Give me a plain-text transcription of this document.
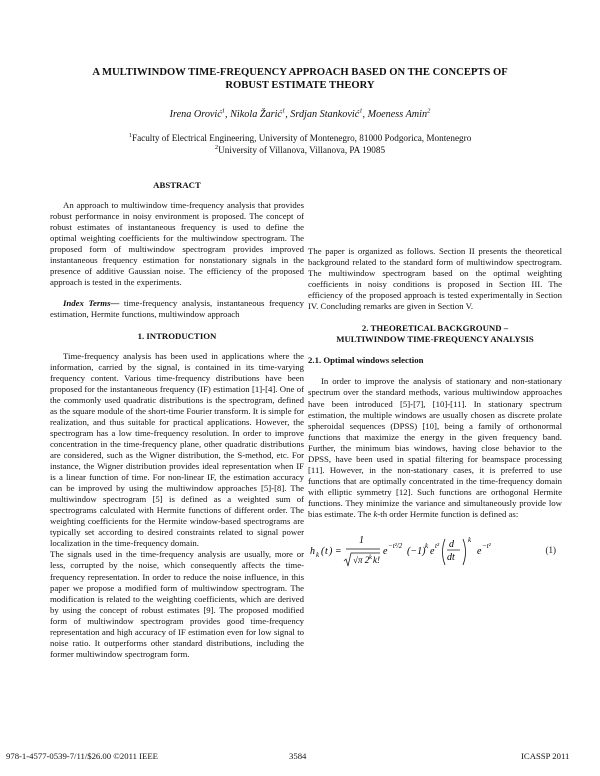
A MULTIWINDOW TIME-FREQUENCY APPROACH BASED ON THE CONCEPTS OF
ROBUST ESTIMATE THEORY
Irena Orović$^1$, Nikola Žarić$^1$, Srdjan Stanković$^1$, Moeness Amin$^2$

$^1$Faculty of Electrical Engineering, University of Montenegro, 81000 Podgorica, Montenegro

$^2$University of Villanova, Villanova, PA 19085

ABSTRACT

An approach to multiwindow time-frequency analysis that provides robust performance in noisy environment is proposed. The concept of robust estimates of instantaneous frequency is used to define the optimal weighting coefficients for the multiwindow spectrogram. The proposed form of multiwindow spectrogram provides improved instantaneous frequency estimation for nonstationary signals in the presence of additive Gaussian noise. The efficiency of the proposed approach is tested in the experiments.

Index Terms— time-frequency analysis, instantaneous frequency estimation, Hermite functions, multiwindow approach

1. INTRODUCTION

Time-frequency analysis has been used in applications where the information, carried by the signal, is contained in its time-varying frequency content. Various time-frequency distributions have been proposed for the instantaneous frequency (IF) estimation [1]-[4]. One of the commonly used quadratic distributions is the spectrogram, defined as the square module of the short-time Fourier transform. It is simple for realization, and thus suitable for practical applications. However, the spectrogram has a low time-frequency resolution. In order to improve concentration in the time-frequency plane, other quadratic distributions are considered, such as the Wigner distribution, the S-method, etc. For instance, the Wigner distribution provides ideal representation when IF is a linear function of time. For non-linear IF, the estimation accuracy can be improved by using the multiwindow approaches [5]-[8]. The multiwindow spectrogram [5] is defined as a weighted sum of spectrograms calculated with Hermite functions of different order. The weighting coefficients for the Hermite window-based spectrograms are typically set according to desired constraints related to signal power localization in the time-frequency domain.

The signals used in the time-frequency analysis are usually, more or less, corrupted by the noise, which consequently affects the time-frequency representation. In order to reduce the noise influence, in this paper we propose a modified form of multiwindow spectrogram. The modification is related to the weighting coefficients, which are derived by using the concept of robust estimates [9]. The proposed modified form of multiwindow spectrogram provides good time-frequency representation and high accuracy of IF estimation even for low signal to noise ratio. It outperforms other standard distributions, including the former multiwindow spectrogram form.

The paper is organized as follows. Section II presents the theoretical background related to the standard form of multiwindow spectrogram. The multiwindow spectrogram based on the optimal weighting coefficients in noisy conditions is proposed in Section III. The efficiency of the proposed approach is tested experimentally in Section IV. Concluding remarks are given in Section V.

2. THEORETICAL BACKGROUND –
MULTIWINDOW TIME-FREQUENCY ANALYSIS

2.1. Optimal windows selection

In order to improve the analysis of stationary and non-stationary spectrum over the standard methods, various multiwindow approaches have been introduced [5]-[7], [10]-[11]. In stationary spectrum estimation, the multiple windows are usually chosen as discrete prolate spheroidal sequences (DPSS) [10], being a family of orthonormal functions that maximize the energy in the given frequency band. Further, the minimum bias windows, having close behavior to the DPSS, have been used in spatial filtering for beamspace processing [11]. However, in the non-stationary cases, it is preferred to use functions that are optimally concentrated in the time-frequency domain with elliptic symmetry [12]. Such functions are orthogonal Hermite functions. They minimize the variance and simultaneously provide low bias estimate. The k-th order Hermite function is defined as:

h k ( t ) =
1
√π 2 k k!
e −t²/2 (−1) k e t² d
dt
k
e −t²	(1)
978-1-4577-0539-7/11/$26.00 ©2011 IEEE	3584	ICASSP 2011
